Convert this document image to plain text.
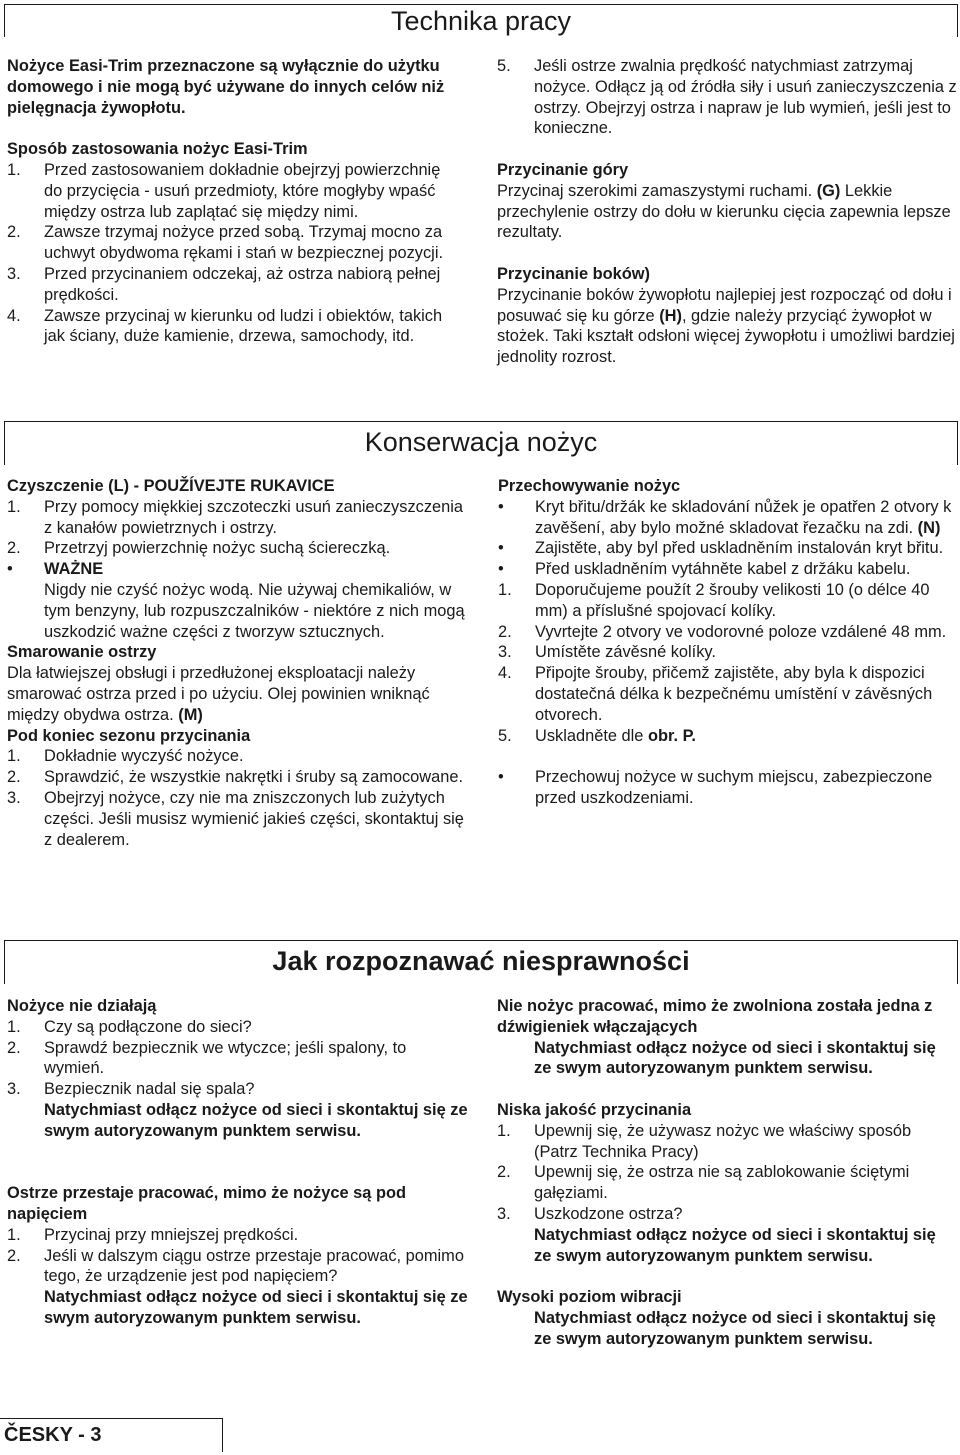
Technika pracy

Nożyce Easi-Trim przeznaczone są wyłącznie do użytku domowego i nie mogą być używane do innych celów niż pielęgnacja żywopłotu.

Sposób zastosowania nożyc Easi-Trim

1. Przed zastosowaniem dokładnie obejrzyj powierzchnię do przycięcia - usuń przedmioty, które mogłyby wpaść między ostrza lub zaplątać się między nimi.
2. Zawsze trzymaj nożyce przed sobą. Trzymaj mocno za uchwyt obydwoma rękami i stań w bezpiecznej pozycji.
3. Przed przycinaniem odczekaj, aż ostrza nabiorą pełnej prędkości.
4. Zawsze przycinaj w kierunku od ludzi i obiektów, takich jak ściany, duże kamienie, drzewa, samochody, itd.
5. Jeśli ostrze zwalnia prędkość natychmiast zatrzymaj nożyce. Odłącz ją od źródła siły i usuń zanieczyszczenia z ostrzy. Obejrzyj ostrza i napraw je lub wymień, jeśli jest to konieczne.

Przycinanie góry

Przycinaj szerokimi zamaszystymi ruchami. (G) Lekkie przechylenie ostrzy do dołu w kierunku cięcia zapewnia lepsze rezultaty.

Przycinanie boków)

Przycinanie boków żywopłotu najlepiej jest rozpocząć od dołu i posuwać się ku górze (H), gdzie należy przyciąć żywopłot w stożek. Taki kształt odsłoni więcej żywopłotu i umożliwi bardziej jednolity rozrost.

Konserwacja nożyc

Czyszczenie (L) - POUŽÍVEJTE RUKAVICE

1. Przy pomocy miękkiej szczoteczki usuń zanieczyszczenia z kanałów powietrznych i ostrzy.
2. Przetrzyj powierzchnię nożyc suchą ściereczką.
• WAŻNE

Nigdy nie czyść nożyc wodą. Nie używaj chemikaliów, w tym benzyny, lub rozpuszczalników - niektóre z nich mogą uszkodzić ważne części z tworzyw sztucznych.

Smarowanie ostrzy

Dla łatwiejszej obsługi i przedłużonej eksploatacji należy smarować ostrza przed i po użyciu. Olej powinien wniknąć między obydwa ostrza. (M)

Pod koniec sezonu przycinania

1. Dokładnie wyczyść nożyce.
2. Sprawdzić, że wszystkie nakrętki i śruby są zamocowane.
3. Obejrzyj nożyce, czy nie ma zniszczonych lub zużytych części. Jeśli musisz wymienić jakieś części, skontaktuj się z dealerem.

Przechowywanie nożyc

• Kryt břitu/držák ke skladování nůžek je opatřen 2 otvory k zavěšení, aby bylo možné skladovat řezačku na zdi. (N)
• Zajistěte, aby byl před uskladněním instalován kryt břitu.
• Před uskladněním vytáhněte kabel z držáku kabelu.
1. Doporučujeme použít 2 šrouby velikosti 10 (o délce 40 mm) a příslušné spojovací kolíky.
2. Vyvrtejte 2 otvory ve vodorovné poloze vzdálené 48 mm.
3. Umístěte závěsné kolíky.
4. Připojte šrouby, přičemž zajistěte, aby byla k dispozici dostatečná délka k bezpečnému umístění v závěsných otvorech.
5. Uskladněte dle obr. P.
• Przechowuj nożyce w suchym miejscu, zabezpieczone przed uszkodzeniami.
Jak rozpoznawać niesprawności

Nożyce nie działają

1. Czy są podłączone do sieci?
2. Sprawdź bezpiecznik we wtyczce; jeśli spalony, to wymień.
3. Bezpiecznik nadal się spala?

Natychmiast odłącz nożyce od sieci i skontaktuj się ze swym autoryzowanym punktem serwisu.

Ostrze przestaje pracować, mimo że nożyce są pod napięciem

1. Przycinaj przy mniejszej prędkości.
2. Jeśli w dalszym ciągu ostrze przestaje pracować, pomimo tego, że urządzenie jest pod napięciem?

Natychmiast odłącz nożyce od sieci i skontaktuj się ze swym autoryzowanym punktem serwisu.

Nie nożyc pracować, mimo że zwolniona została jedna z dźwigieniek włączających

Natychmiast odłącz nożyce od sieci i skontaktuj się ze swym autoryzowanym punktem serwisu.

Niska jakość przycinania

1. Upewnij się, że używasz nożyc we właściwy sposób (Patrz Technika Pracy)
2. Upewnij się, że ostrza nie są zablokowanie ściętymi gałęziami.
3. Uszkodzone ostrza?

Natychmiast odłącz nożyce od sieci i skontaktuj się ze swym autoryzowanym punktem serwisu.

Wysoki poziom wibracji

Natychmiast odłącz nożyce od sieci i skontaktuj się ze swym autoryzowanym punktem serwisu.

ČESKY - 3
